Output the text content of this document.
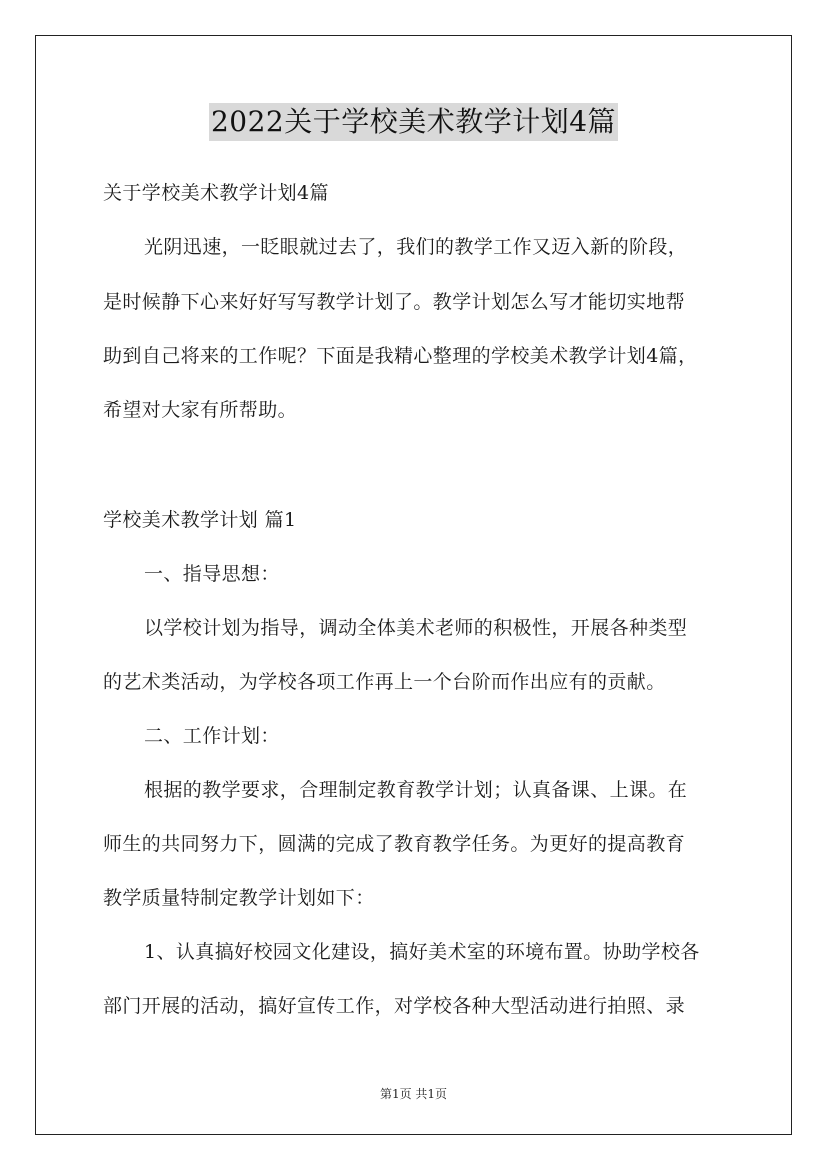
2022关于学校美术教学计划4篇
关于学校美术教学计划4篇
光阴迅速，一眨眼就过去了，我们的教学工作又迈入新的阶段，
是时候静下心来好好写写教学计划了。教学计划怎么写才能切实地帮
助到自己将来的工作呢？下面是我精心整理的学校美术教学计划4篇，
希望对大家有所帮助。
学校美术教学计划 篇1
一、指导思想：
以学校计划为指导，调动全体美术老师的积极性，开展各种类型
的艺术类活动，为学校各项工作再上一个台阶而作出应有的贡献。
二、工作计划：
根据的教学要求，合理制定教育教学计划；认真备课、上课。在
师生的共同努力下，圆满的完成了教育教学任务。为更好的提高教育
教学质量特制定教学计划如下：
1、认真搞好校园文化建设，搞好美术室的环境布置。协助学校各
部门开展的活动，搞好宣传工作，对学校各种大型活动进行拍照、录
第1页 共1页
